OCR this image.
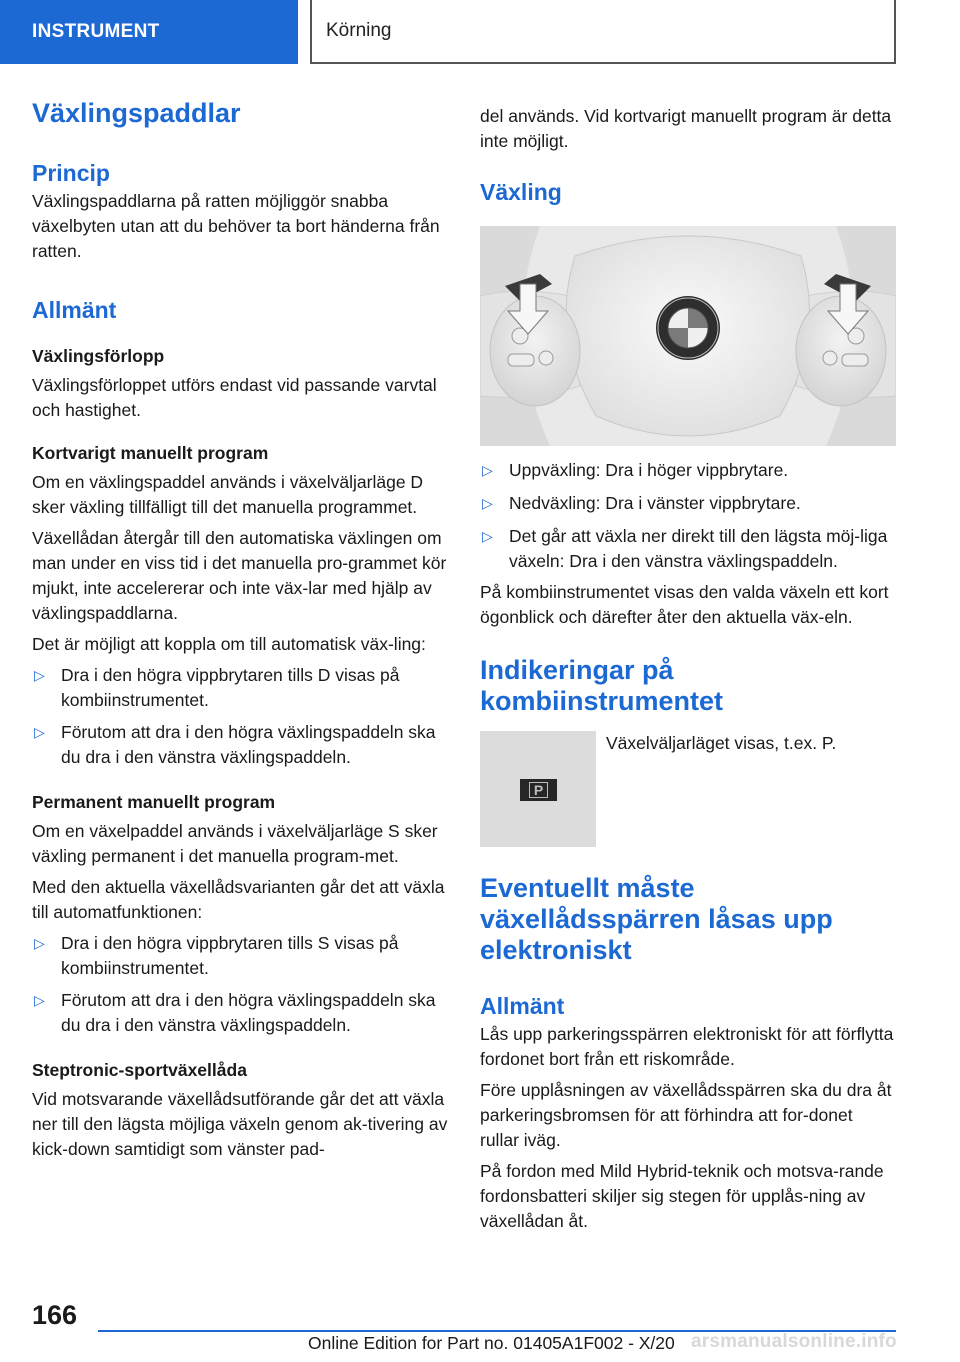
INSTRUMENT	Körning
Växlingspaddlar
Princip

Växlingspaddlarna på ratten möjliggör snabba växelbyten utan att du behöver ta bort händerna från ratten.

Allmänt
Växlingsförlopp

Växlingsförloppet utförs endast vid passande varvtal och hastighet.

Kortvarigt manuellt program

Om en växlingspaddel används i växelväljarläge D sker växling tillfälligt till det manuella programmet.

Växellådan återgår till den automatiska växlingen om man under en viss tid i det manuella pro-grammet kör mjukt, inte accelererar och inte väx-lar med hjälp av växlingspaddlarna.

Det är möjligt att koppla om till automatisk väx-ling:

▷ Dra i den högra vippbrytaren tills D visas på kombiinstrumentet.
▷ Förutom att dra i den högra växlingspaddeln ska du dra i den vänstra växlingspaddeln.
Permanent manuellt program

Om en växelpaddel används i växelväljarläge S sker växling permanent i det manuella program-met.

Med den aktuella växellådsvarianten går det att växla till automatfunktionen:

▷ Dra i den högra vippbrytaren tills S visas på kombiinstrumentet.
▷ Förutom att dra i den högra växlingspaddeln ska du dra i den vänstra växlingspaddeln.
Steptronic-sportväxellåda

Vid motsvarande växellådsutförande går det att växla ner till den lägsta möjliga växeln genom ak-tivering av kick-down samtidigt som vänster pad-

del används. Vid kortvarigt manuellt program är detta inte möjligt.

Växling
▷ Uppväxling: Dra i höger vippbrytare.
▷ Nedväxling: Dra i vänster vippbrytare.
▷ Det går att växla ner direkt till den lägsta möj-liga växeln: Dra i den vänstra växlingspaddeln.

På kombiinstrumentet visas den valda växeln ett kort ögonblick och därefter åter den aktuella väx-eln.

Indikeringar på kombiinstrumentet
P

Växelväljarläget visas, t.ex. P.

Eventuellt måste växellådsspärren låsas upp elektroniskt
Allmänt

Lås upp parkeringsspärren elektroniskt för att förflytta fordonet bort från ett riskområde.

Före upplåsningen av växellådsspärren ska du dra åt parkeringsbromsen för att förhindra att for-donet rullar iväg.

På fordon med Mild Hybrid-teknik och motsva-rande fordonsbatteri skiljer sig stegen för upplås-ning av växellådan åt.

166
Online Edition for Part no. 01405A1F002 - X/20 arsmanualsonline.info
